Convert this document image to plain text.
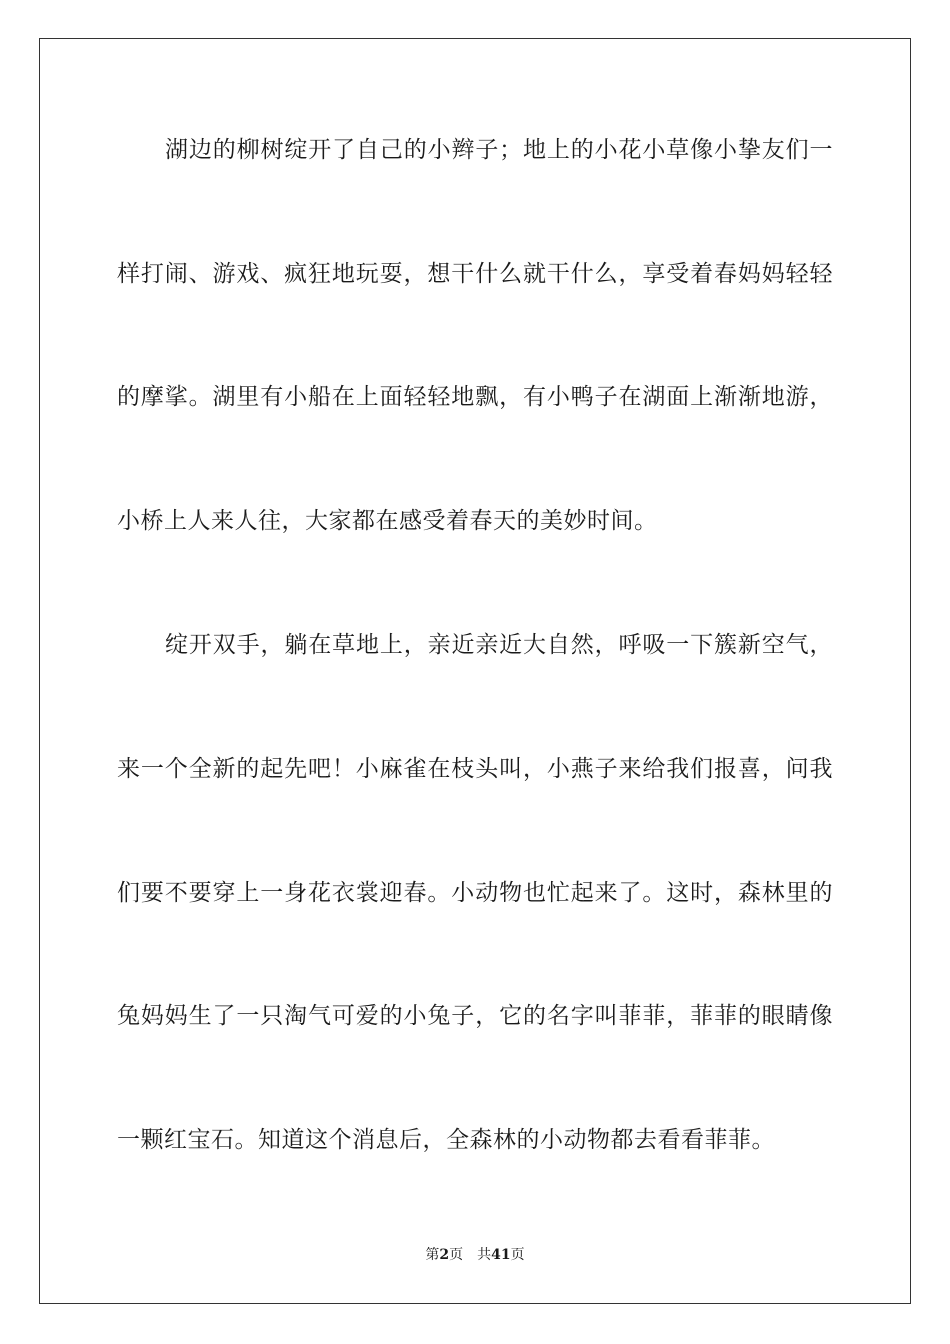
湖边的柳树绽开了自己的小辫子；地上的小花小草像小挚友们一
样打闹、游戏、疯狂地玩耍，想干什么就干什么，享受着春妈妈轻轻
的摩挲。湖里有小船在上面轻轻地飘，有小鸭子在湖面上渐渐地游，
小桥上人来人往，大家都在感受着春天的美妙时间。
绽开双手，躺在草地上，亲近亲近大自然，呼吸一下簇新空气，
来一个全新的起先吧！小麻雀在枝头叫，小燕子来给我们报喜，问我
们要不要穿上一身花衣裳迎春。小动物也忙起来了。这时，森林里的
兔妈妈生了一只淘气可爱的小兔子，它的名字叫菲菲，菲菲的眼睛像
一颗红宝石。知道这个消息后，全森林的小动物都去看看菲菲。
第2页 共41页
